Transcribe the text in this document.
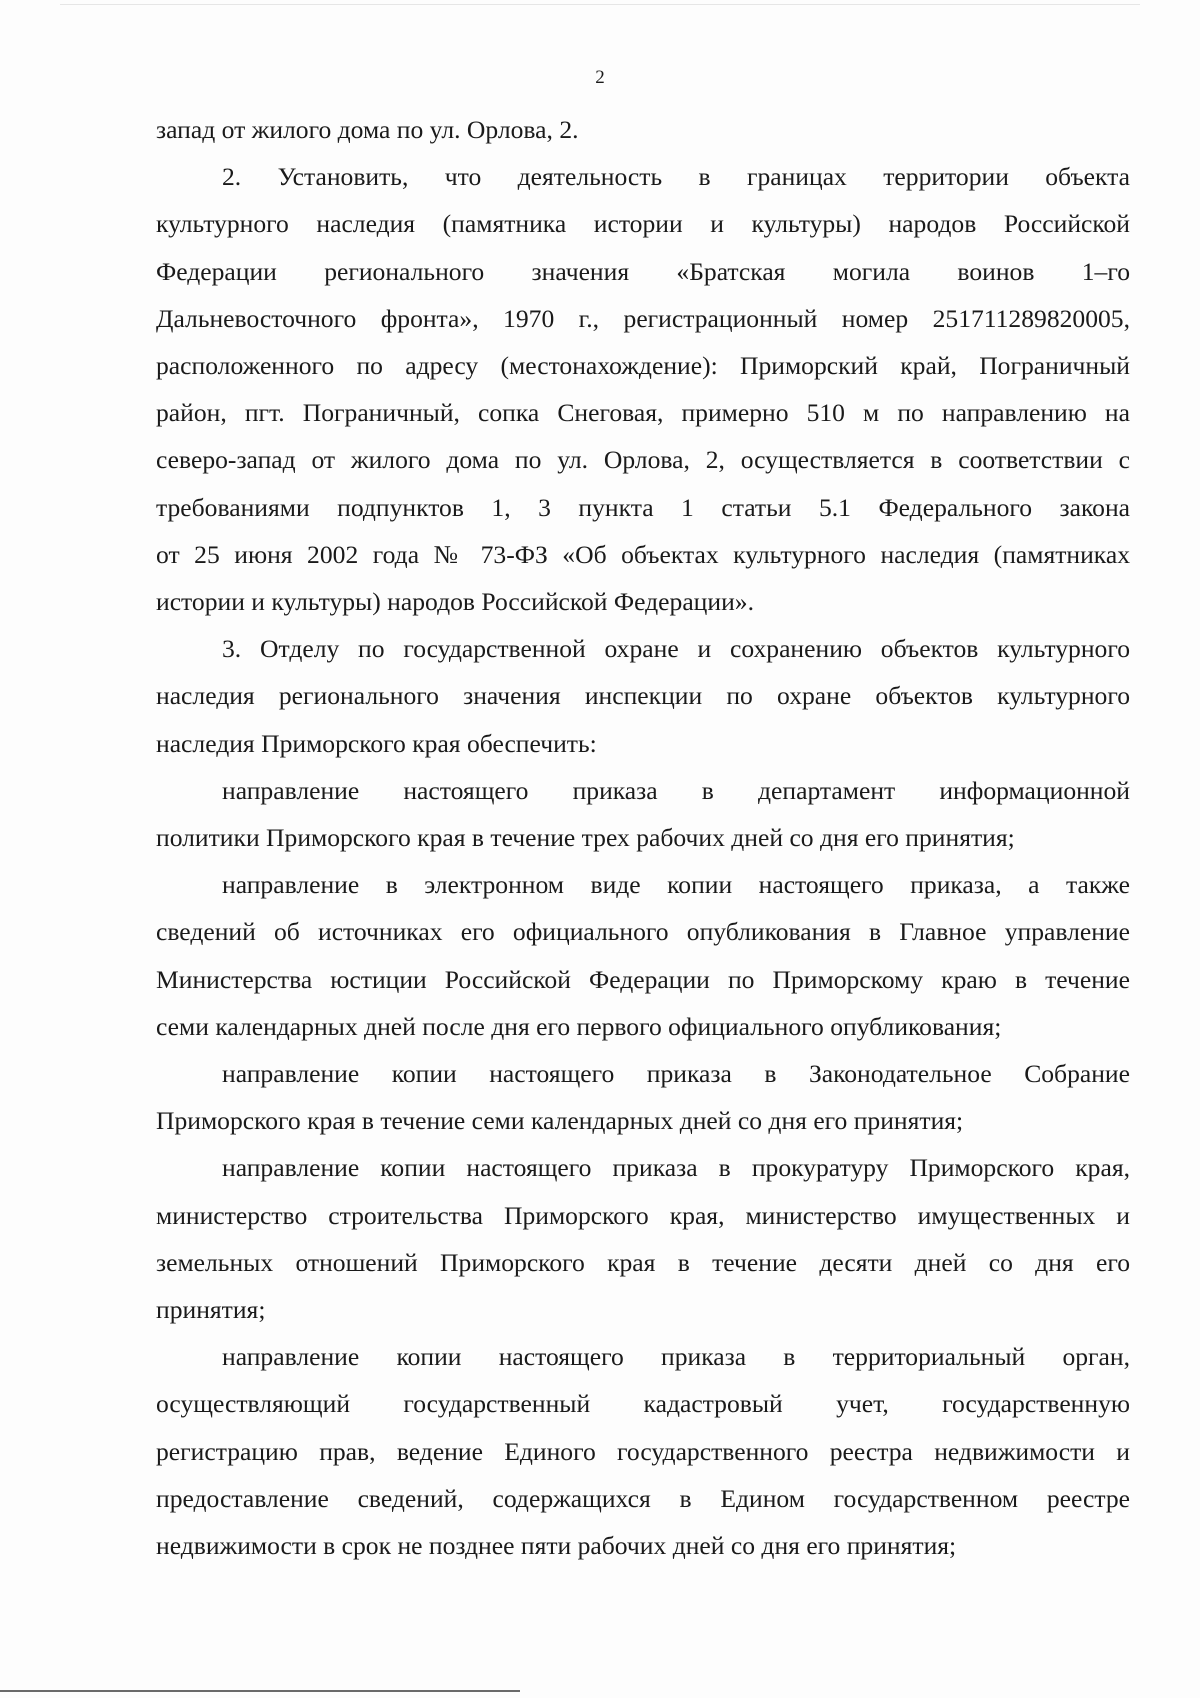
2
запад от жилого дома по ул. Орлова, 2.
2. Установить, что деятельность в границах территории объекта
культурного наследия (памятника истории и культуры) народов Российской
Федерации регионального значения «Братская могила воинов 1–го
Дальневосточного фронта», 1970 г., регистрационный номер 251711289820005,
расположенного по адресу (местонахождение): Приморский край, Пограничный
район, пгт. Пограничный, сопка Снеговая, примерно 510 м по направлению на
северо-запад от жилого дома по ул. Орлова, 2, осуществляется в соответствии с
требованиями подпунктов 1, 3 пункта 1 статьи 5.1 Федерального закона
от 25 июня 2002 года № 73-ФЗ «Об объектах культурного наследия (памятниках
истории и культуры) народов Российской Федерации».
3. Отделу по государственной охране и сохранению объектов культурного
наследия регионального значения инспекции по охране объектов культурного
наследия Приморского края обеспечить:
направление настоящего приказа в департамент информационной
политики Приморского края в течение трех рабочих дней со дня его принятия;
направление в электронном виде копии настоящего приказа, а также
сведений об источниках его официального опубликования в Главное управление
Министерства юстиции Российской Федерации по Приморскому краю в течение
семи календарных дней после дня его первого официального опубликования;
направление копии настоящего приказа в Законодательное Собрание
Приморского края в течение семи календарных дней со дня его принятия;
направление копии настоящего приказа в прокуратуру Приморского края,
министерство строительства Приморского края, министерство имущественных и
земельных отношений Приморского края в течение десяти дней со дня его
принятия;
направление копии настоящего приказа в территориальный орган,
осуществляющий государственный кадастровый учет, государственную
регистрацию прав, ведение Единого государственного реестра недвижимости и
предоставление сведений, содержащихся в Едином государственном реестре
недвижимости в срок не позднее пяти рабочих дней со дня его принятия;
